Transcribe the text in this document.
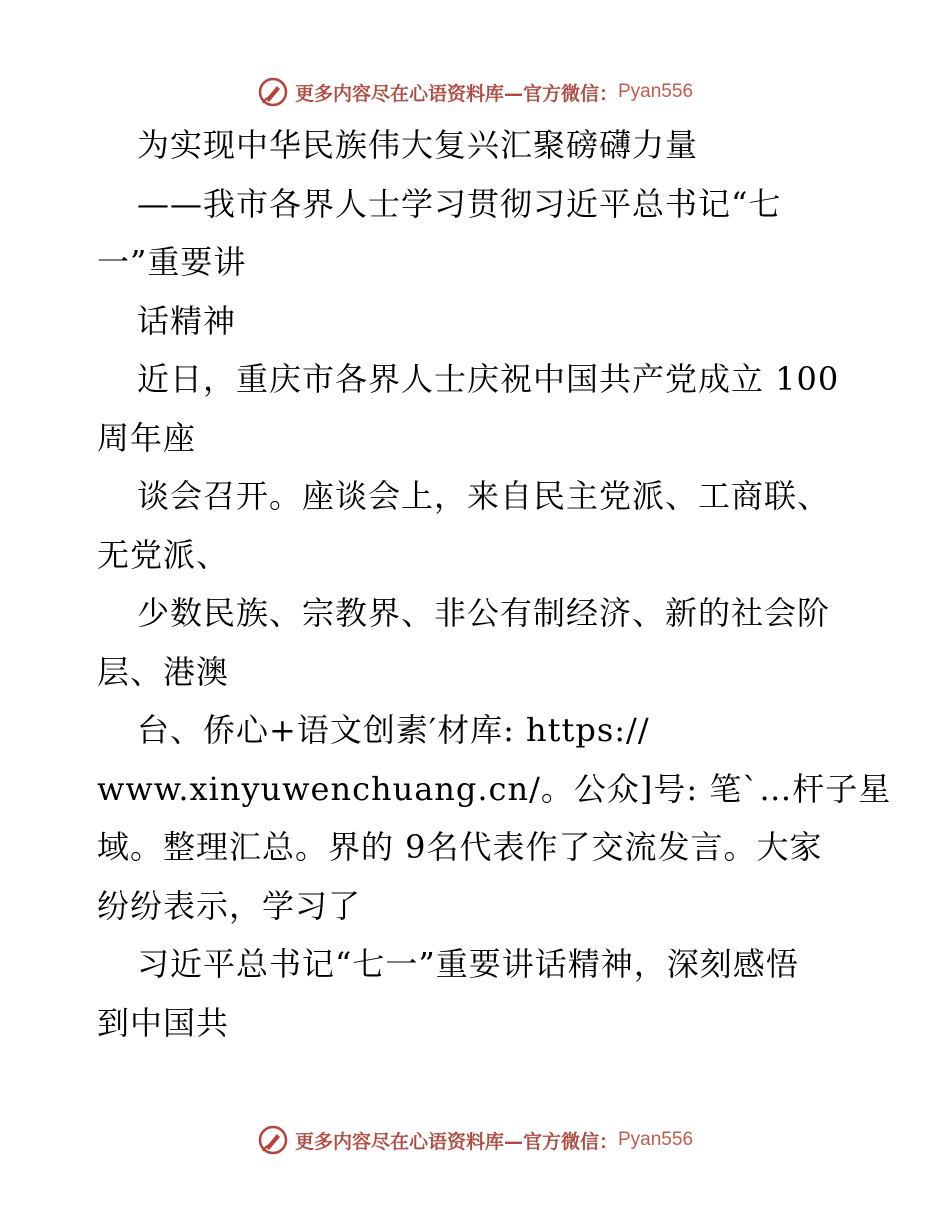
更多内容尽在心语资料库—官方微信： Pyan556
为实现中华民族伟大复兴汇聚磅礴力量
——我市各界人士学习贯彻习近平总书记“七
一”重要讲
话精神
近日，重庆市各界人士庆祝中国共产党成立 100
周年座
谈会召开。座谈会上，来自民主党派、工商联、
无党派、
少数民族、宗教界、非公有制经济、新的社会阶
层、港澳
台、侨心+语文创素′材库: https://
www.xinyuwenchuang.cn/。公众]号: 笔`…杆子星
域。整理汇总。界的 9名代表作了交流发言。大家
纷纷表示，学习了
习近平总书记“七一”重要讲话精神，深刻感悟
到中国共
更多内容尽在心语资料库—官方微信： Pyan556
